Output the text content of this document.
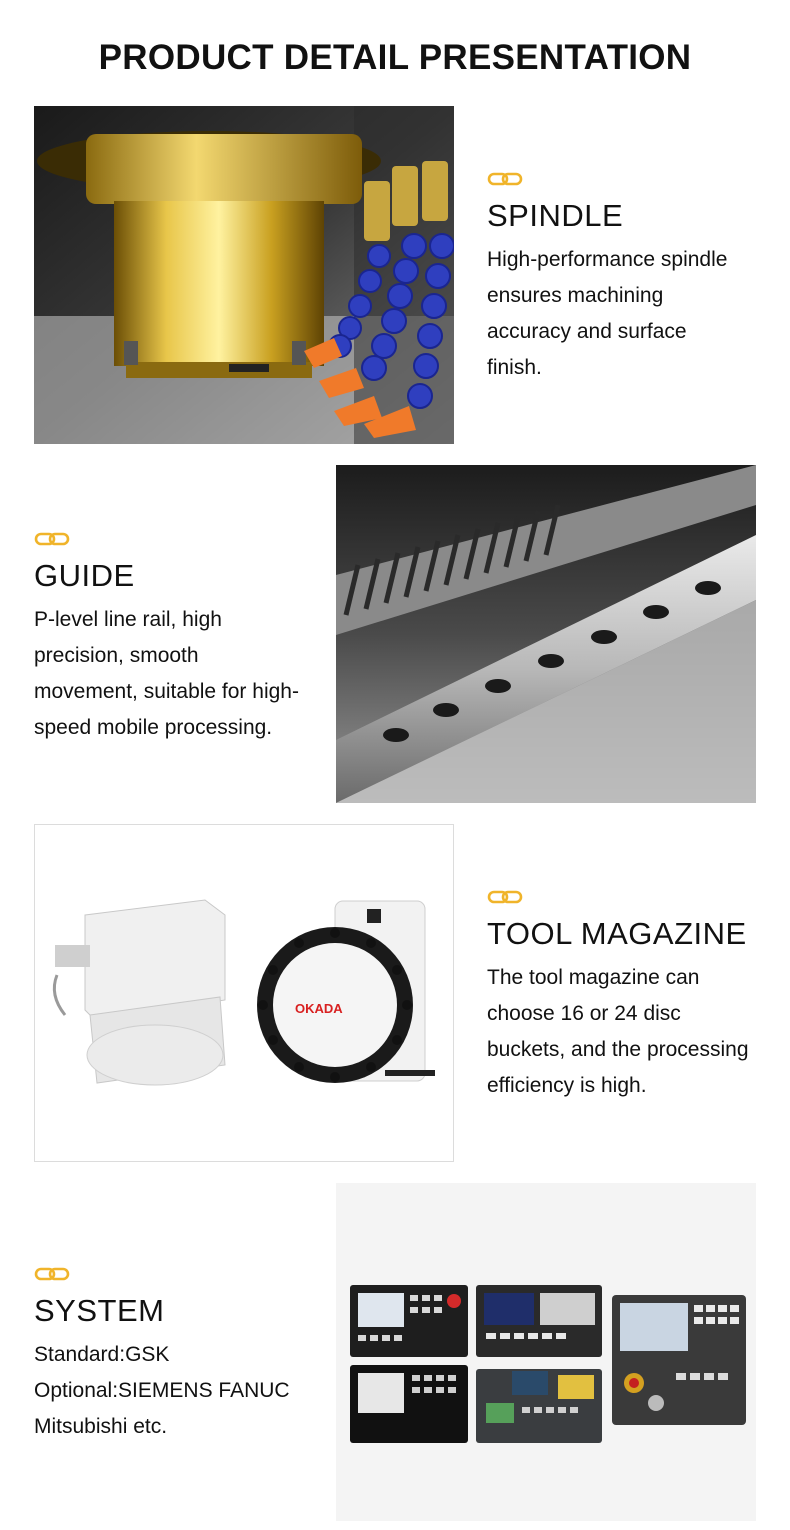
PRODUCT DETAIL PRESENTATION
SPINDLE
High-performance spindle
ensures machining
accuracy and surface
finish.
GUIDE
P-level line rail, high
precision, smooth
movement, suitable for high-
speed mobile processing.
OKADA
TOOL MAGAZINE
The tool magazine can
choose 16 or 24 disc
buckets, and the processing
efficiency is high.
SYSTEM
Standard:GSK
Optional:SIEMENS FANUC
Mitsubishi etc.
